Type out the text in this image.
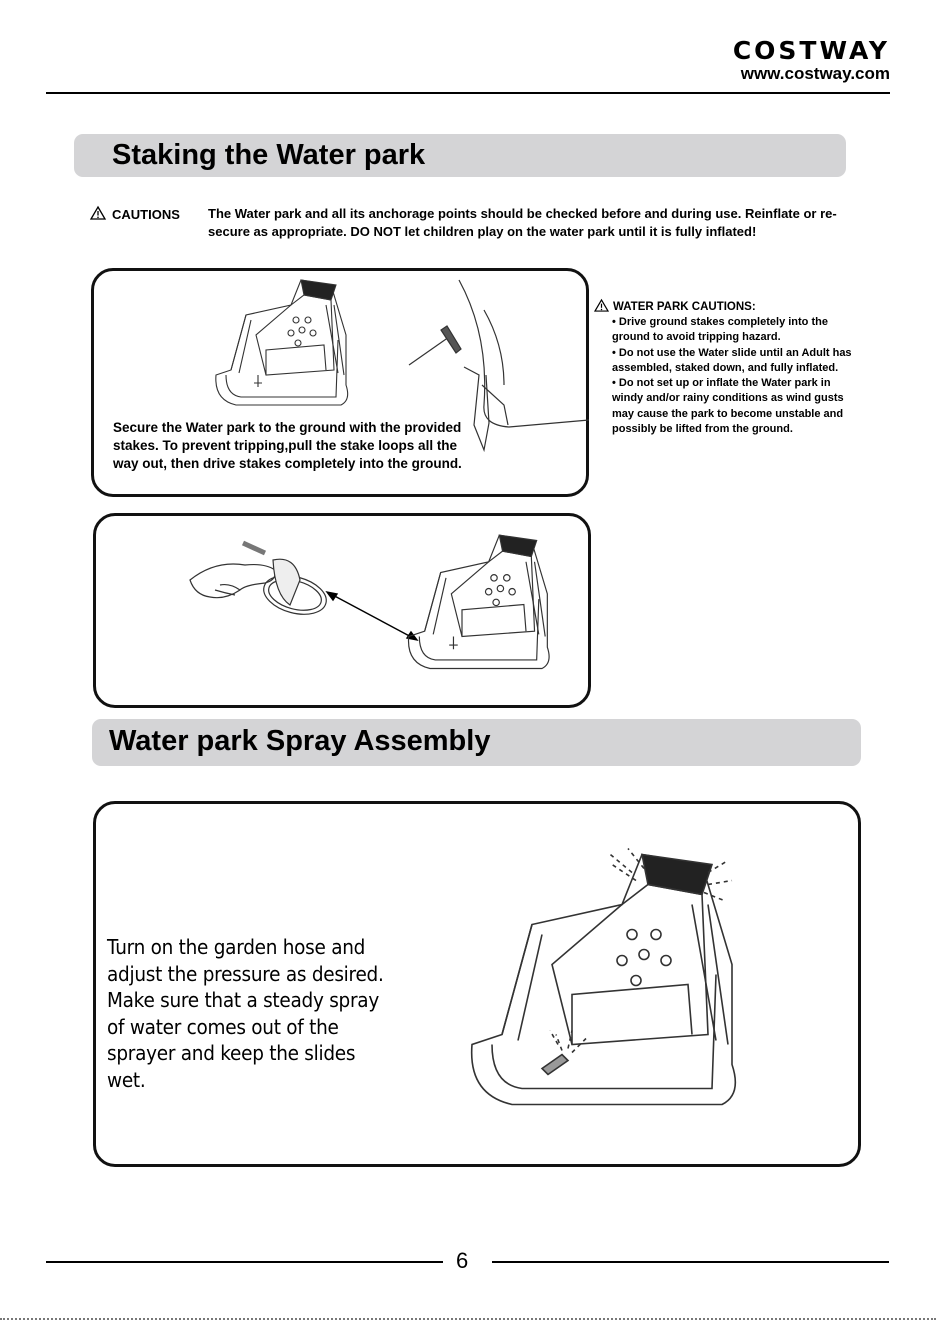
COSTWAY
www.costway.com
Staking the Water park
CAUTIONS The Water park and all its anchorage points should be checked before and during use. Reinflate or re-secure as appropriate. DO NOT let children play on the water park until it is fully inflated!
Secure the Water park to the ground with the provided stakes. To prevent tripping,pull the stake loops all the way out, then drive stakes completely into the ground.
WATER PARK CAUTIONS:
• Drive ground stakes completely into the ground to avoid tripping hazard.
• Do not use the Water slide until an Adult has assembled, staked down, and fully inflated.
• Do not set up or inflate the Water park in windy and/or rainy conditions as wind gusts may cause the park to become unstable and possibly be lifted from the ground.
Water park Spray Assembly
Turn on the garden hose and adjust the pressure as desired. Make sure that a steady spray of water comes out of the sprayer and keep the slides wet.
6
